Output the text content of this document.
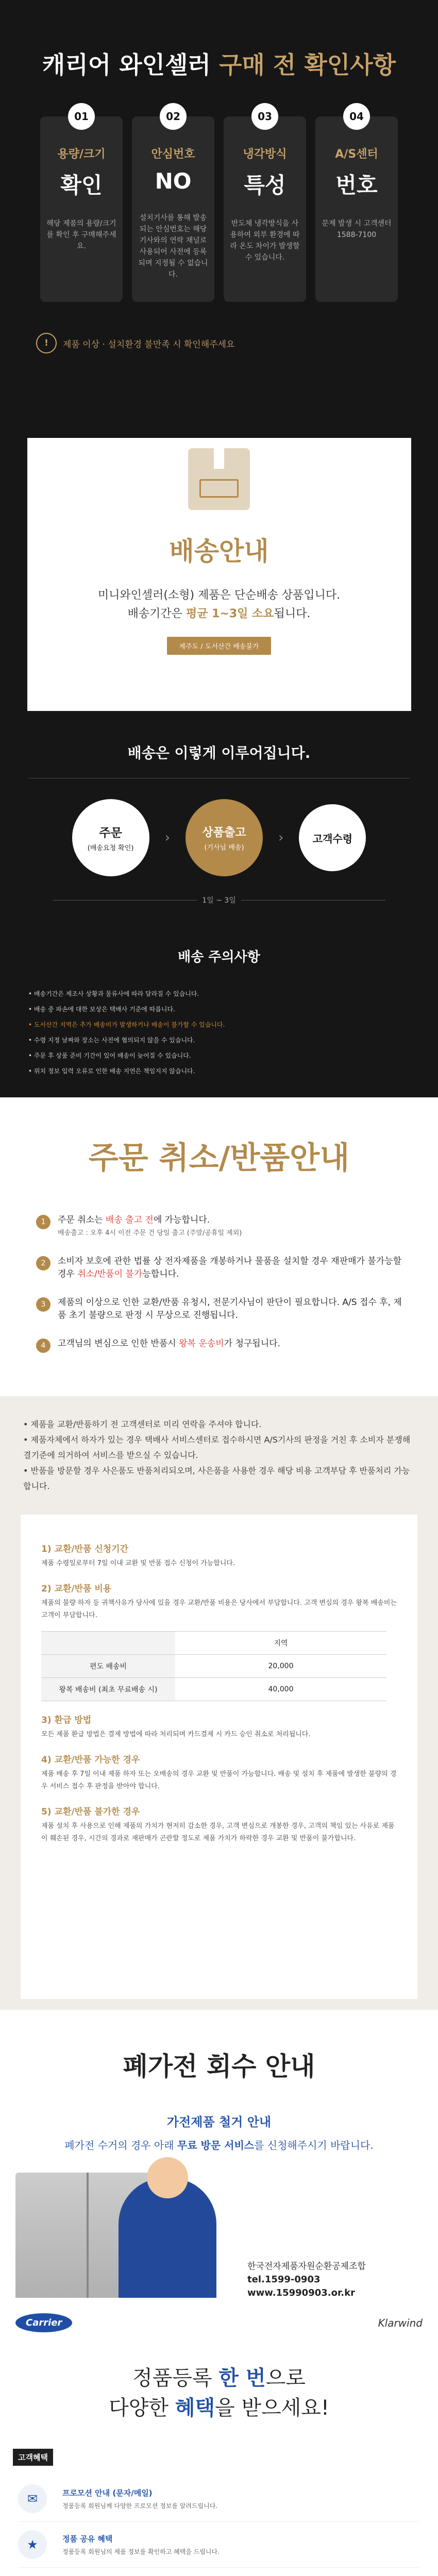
캐리어 와인셀러 구매 전 확인사항
01
용량/크기
확인
해당 제품의 용량/크기를 확인 후 구매해주세요.
02
안심번호
NO
설치기사를 통해 발송되는 안심번호는 해당 기사와의 연락 채널로 사용되어 사전에 등록되며 지정될 수 없습니다.
03
냉각방식
특성
반도체 냉각방식을 사용하여 외부 환경에 따라 온도 차이가 발생할 수 있습니다.
04
A/S센터
번호
문제 발생 시 고객센터 1588-7100
!	제품 이상 · 설치환경 불만족 시 확인해주세요
배송안내
미니와인셀러(소형) 제품은 단순배송 상품입니다.
배송기간은 평균 1~3일 소요됩니다.
제주도 / 도서산간 배송불가
배송은 이렇게 이루어집니다.
주문
(배송요청 확인)
›	상품출고
(기사님 배송)
›	고객수령
1일 ~ 3일
배송 주의사항
• 배송기간은 제조사 상황과 물류사에 따라 달라질 수 있습니다.
• 배송 중 파손에 대한 보상은 택배사 기준에 따릅니다.
• 도서산간 지역은 추가 배송비가 발생하거나 배송이 불가할 수 있습니다.
• 수령 지정 날짜와 장소는 사전에 협의되지 않을 수 있습니다.
• 주문 후 상품 준비 기간이 있어 배송이 늦어질 수 있습니다.
• 위치 정보 입력 오류로 인한 배송 지연은 책임지지 않습니다.
주문 취소/반품안내
1	주문 취소는 배송 출고 전에 가능합니다.
배송출고 : 오후 4시 이전 주문 건 당일 출고 (주말/공휴일 제외)
2	소비자 보호에 관한 법률 상 전자제품을 개봉하거나 물품을 설치할 경우 재판매가 불가능할 경우 취소/반품이 불가능합니다.
3	제품의 이상으로 인한 교환/반품 유청시, 전문기사님이 판단이 필요합니다. A/S 접수 후, 제품 초기 불량으로 판정 시 무상으로 진행됩니다.
4	고객님의 변심으로 인한 반품시 왕복 운송비가 청구됩니다.
• 제품을 교환/반품하기 전 고객센터로 미리 연락을 주셔야 합니다.
• 제품자체에서 하자가 있는 경우 택배사 서비스센터로 접수하시면 A/S기사의 판정을 거친 후 소비자 분쟁해결기준에 의거하여 서비스를 받으실 수 있습니다.
• 반품을 방문할 경우 사은품도 반품처리되오며, 사은품을 사용한 경우 해당 비용 고객부담 후 반품처리 가능합니다.
1) 교환/반품 신청기간

제품 수령일로부터 7일 이내 교환 및 반품 접수 신청이 가능합니다.

2) 교환/반품 비용

제품의 불량 하자 등 귀책사유가 당사에 있을 경우 교환/반품 비용은 당사에서 부담합니다. 고객 변심의 경우 왕복 배송비는 고객이 부담합니다.

	지역
편도 배송비	20,000
왕복 배송비 (최초 무료배송 시)	40,000
3) 환급 방법

모든 제품 환급 방법은 결제 방법에 따라 처리되며 카드결제 시 카드 승인 취소로 처리됩니다.

4) 교환/반품 가능한 경우

제품 배송 후 7일 이내 제품 하자 또는 오배송의 경우 교환 및 반품이 가능합니다. 배송 및 설치 후 제품에 발생한 불량의 경우 서비스 접수 후 판정을 받아야 합니다.

5) 교환/반품 불가한 경우

제품 설치 후 사용으로 인해 제품의 가치가 현저히 감소한 경우, 고객 변심으로 개봉한 경우, 고객의 책임 있는 사유로 제품이 훼손된 경우, 시간의 경과로 재판매가 곤란할 정도로 제품 가치가 하락한 경우 교환 및 반품이 불가합니다.

폐가전 회수 안내
가전제품 철거 안내
폐가전 수거의 경우 아래 무료 방문 서비스를 신청해주시기 바랍니다.
한국전자제품자원순환공제조합
tel.1599-0903
www.15990903.or.kr
Carrier	Klarwind
정품등록 한 번으로
다양한 혜택을 받으세요!
고객혜택
✉	프로모션 안내 (문자/메일)
정품등록 회원님께 다양한 프로모션 정보를 알려드립니다.
★	정품 공유 혜택
정품등록 회원님의 제품 정보를 확인하고 혜택을 드립니다.
